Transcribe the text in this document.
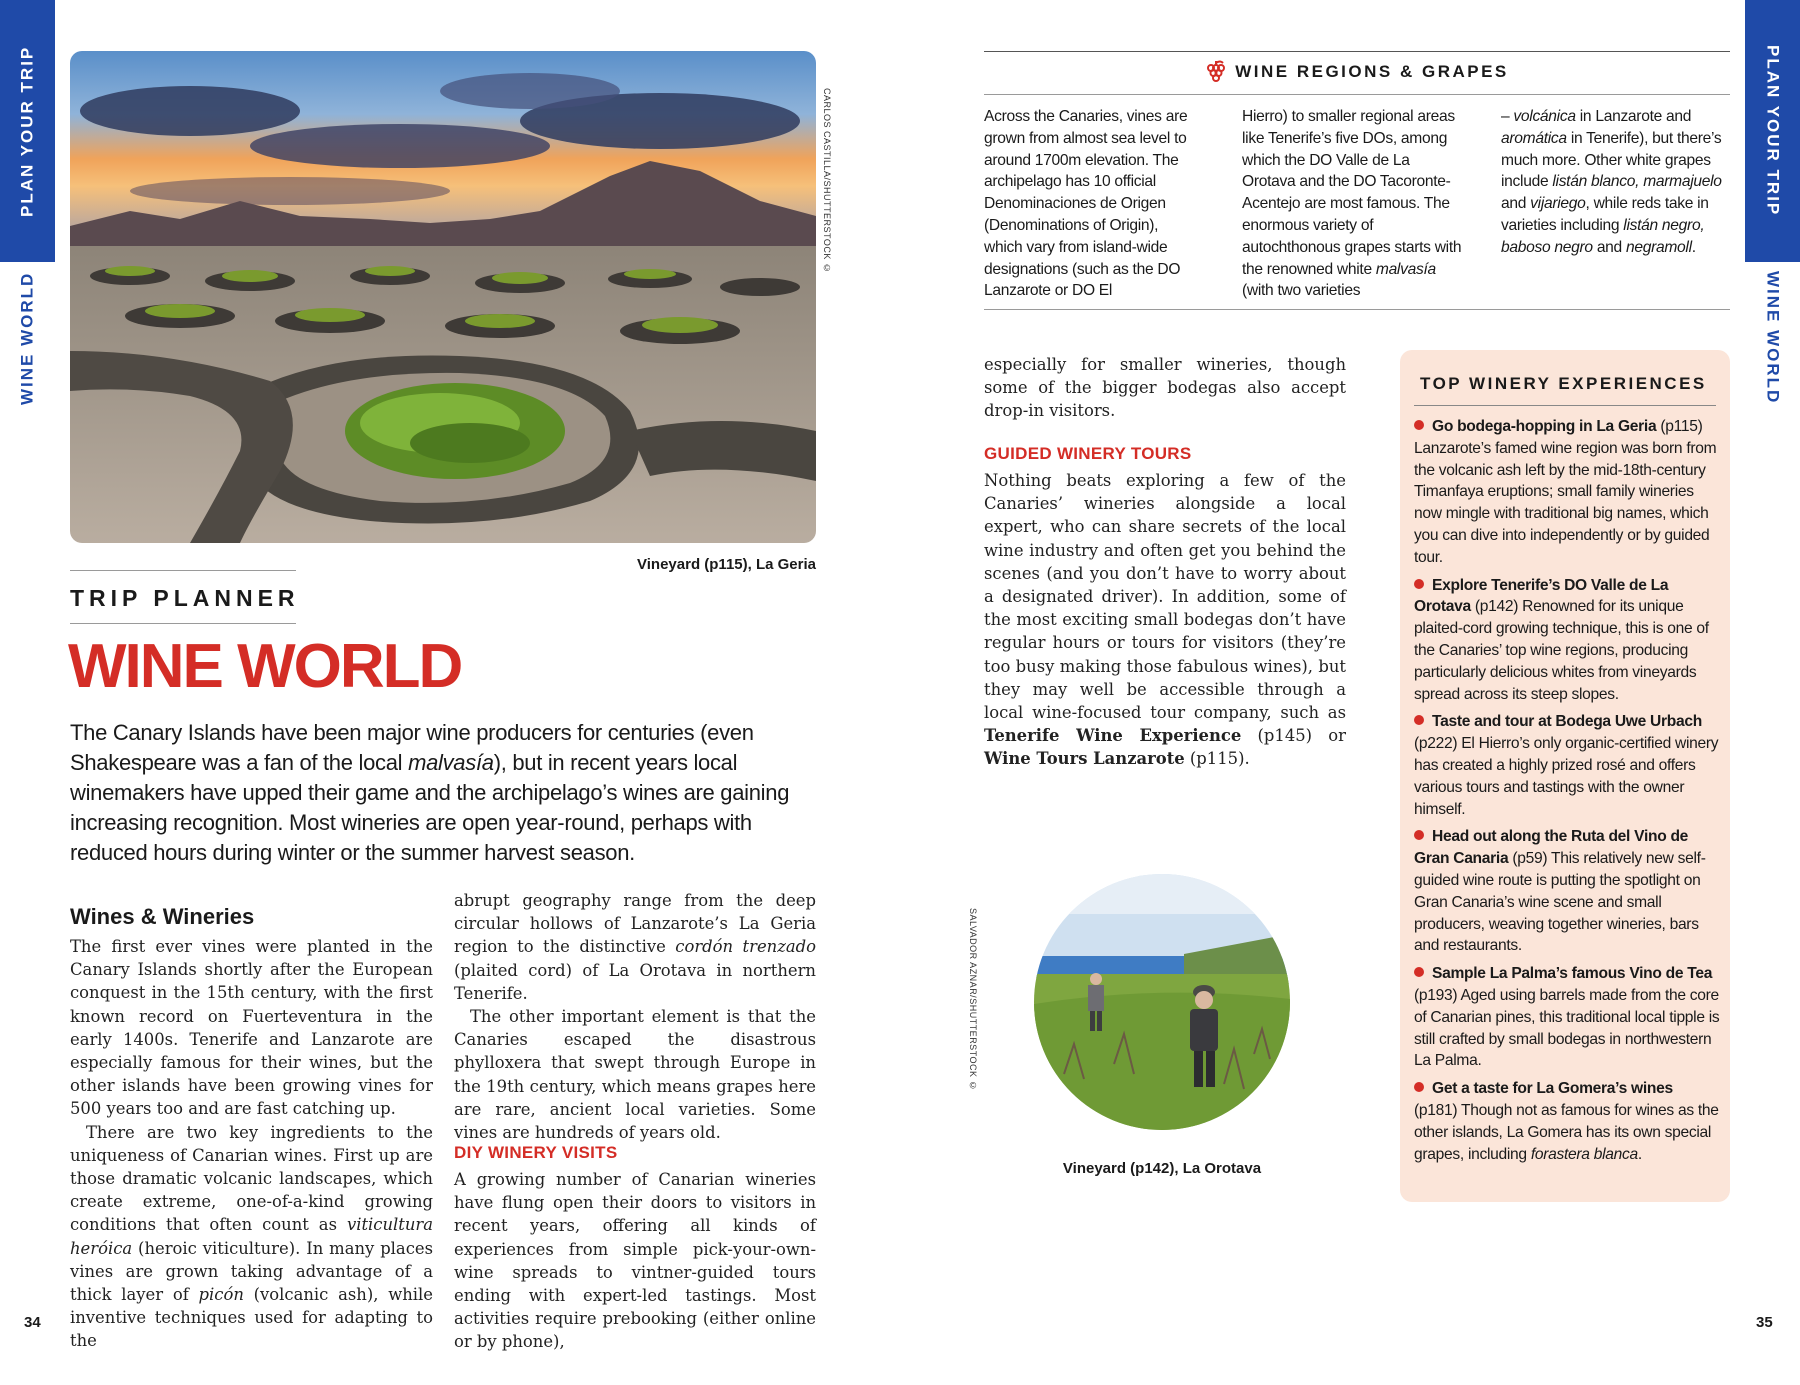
PLAN YOUR TRIP
WINE WORLD
PLAN YOUR TRIP
WINE WORLD
CARLOS CASTILLA/SHUTTERSTOCK ©
Vineyard (p115), La Geria
TRIP PLANNER
WINE WORLD
The Canary Islands have been major wine producers for centuries (even Shakespeare was a fan of the local malvasía), but in recent years local winemakers have upped their game and the archipelago’s wines are gaining increasing recognition. Most wineries are open year-round, perhaps with reduced hours during winter or the summer harvest season.
Wines & Wineries

The first ever vines were planted in the Canary Islands shortly after the European conquest in the 15th century, with the first known record on Fuerteventura in the early 1400s. Tenerife and Lanzarote are especially famous for their wines, but the other islands have been growing vines for 500 years too and are fast catching up.

There are two key ingredients to the uniqueness of Canarian wines. First up are those dramatic volcanic landscapes, which create extreme, one-of-a-kind growing conditions that often count as viticultura heróica (heroic viticulture). In many places vines are grown taking advantage of a thick layer of picón (volcanic ash), while inventive techniques used for adapting to the

abrupt geography range from the deep circular hollows of Lanzarote’s La Geria region to the distinctive cordón trenzado (plaited cord) of La Orotava in northern Tenerife.

The other important element is that the Canaries escaped the disastrous phylloxera that swept through Europe in the 19th century, which means grapes here are rare, ancient local varieties. Some vines are hundreds of years old.

DIY WINERY VISITS
A growing number of Canarian wineries have flung open their doors to visitors in recent years, offering all kinds of experiences from simple pick-your-own-wine spreads to vintner-guided tours ending with expert-led tastings. Most activities require prebooking (either online or by phone),
34
WINE REGIONS & GRAPES
Across the Canaries, vines are grown from almost sea level to around 1700m elevation. The archipelago has 10 official Denominaciones de Origen (Denominations of Origin), which vary from island-wide designations (such as the DO Lanzarote or DO El
Hierro) to smaller regional areas like Tenerife’s five DOs, among which the DO Valle de La Orotava and the DO Tacoronte-Acentejo are most famous. The enormous variety of autochthonous grapes starts with the renowned white malvasía (with two varieties
– volcánica in Lanzarote and aromática in Tenerife), but there’s much more. Other white grapes include listán blanco, marmajuelo and vijariego, while reds take in varieties including listán negro, baboso negro and negramoll.
especially for smaller wineries, though some of the bigger bodegas also accept drop-in visitors.
GUIDED WINERY TOURS
Nothing beats exploring a few of the Canaries’ wineries alongside a local expert, who can share secrets of the local wine industry and often get you behind the scenes (and you don’t have to worry about a designated driver). In addition, some of the most exciting small bodegas don’t have regular hours or tours for visitors (they’re too busy making those fabulous wines), but they may well be accessible through a local wine-focused tour company, such as Tenerife Wine Experience (p145) or Wine Tours Lanzarote (p115).
SALVADOR AZNAR/SHUTTERSTOCK ©
Vineyard (p142), La Orotava
TOP WINERY EXPERIENCES
Go bodega-hopping in La Geria (p115) Lanzarote’s famed wine region was born from the volcanic ash left by the mid-18th-century Timanfaya eruptions; small family wineries now mingle with traditional big names, which you can dive into independently or by guided tour.
Explore Tenerife’s DO Valle de La Orotava (p142) Renowned for its unique plaited-cord growing technique, this is one of the Canaries’ top wine regions, producing particularly delicious whites from vineyards spread across its steep slopes.
Taste and tour at Bodega Uwe Urbach (p222) El Hierro’s only organic-certified winery has created a highly prized rosé and offers various tours and tastings with the owner himself.
Head out along the Ruta del Vino de Gran Canaria (p59) This relatively new self-guided wine route is putting the spotlight on Gran Canaria’s wine scene and small producers, weaving together wineries, bars and restaurants.
Sample La Palma’s famous Vino de Tea (p193) Aged using barrels made from the core of Canarian pines, this traditional local tipple is still crafted by small bodegas in northwestern La Palma.
Get a taste for La Gomera’s wines (p181) Though not as famous for wines as the other islands, La Gomera has its own special grapes, including forastera blanca.
35
